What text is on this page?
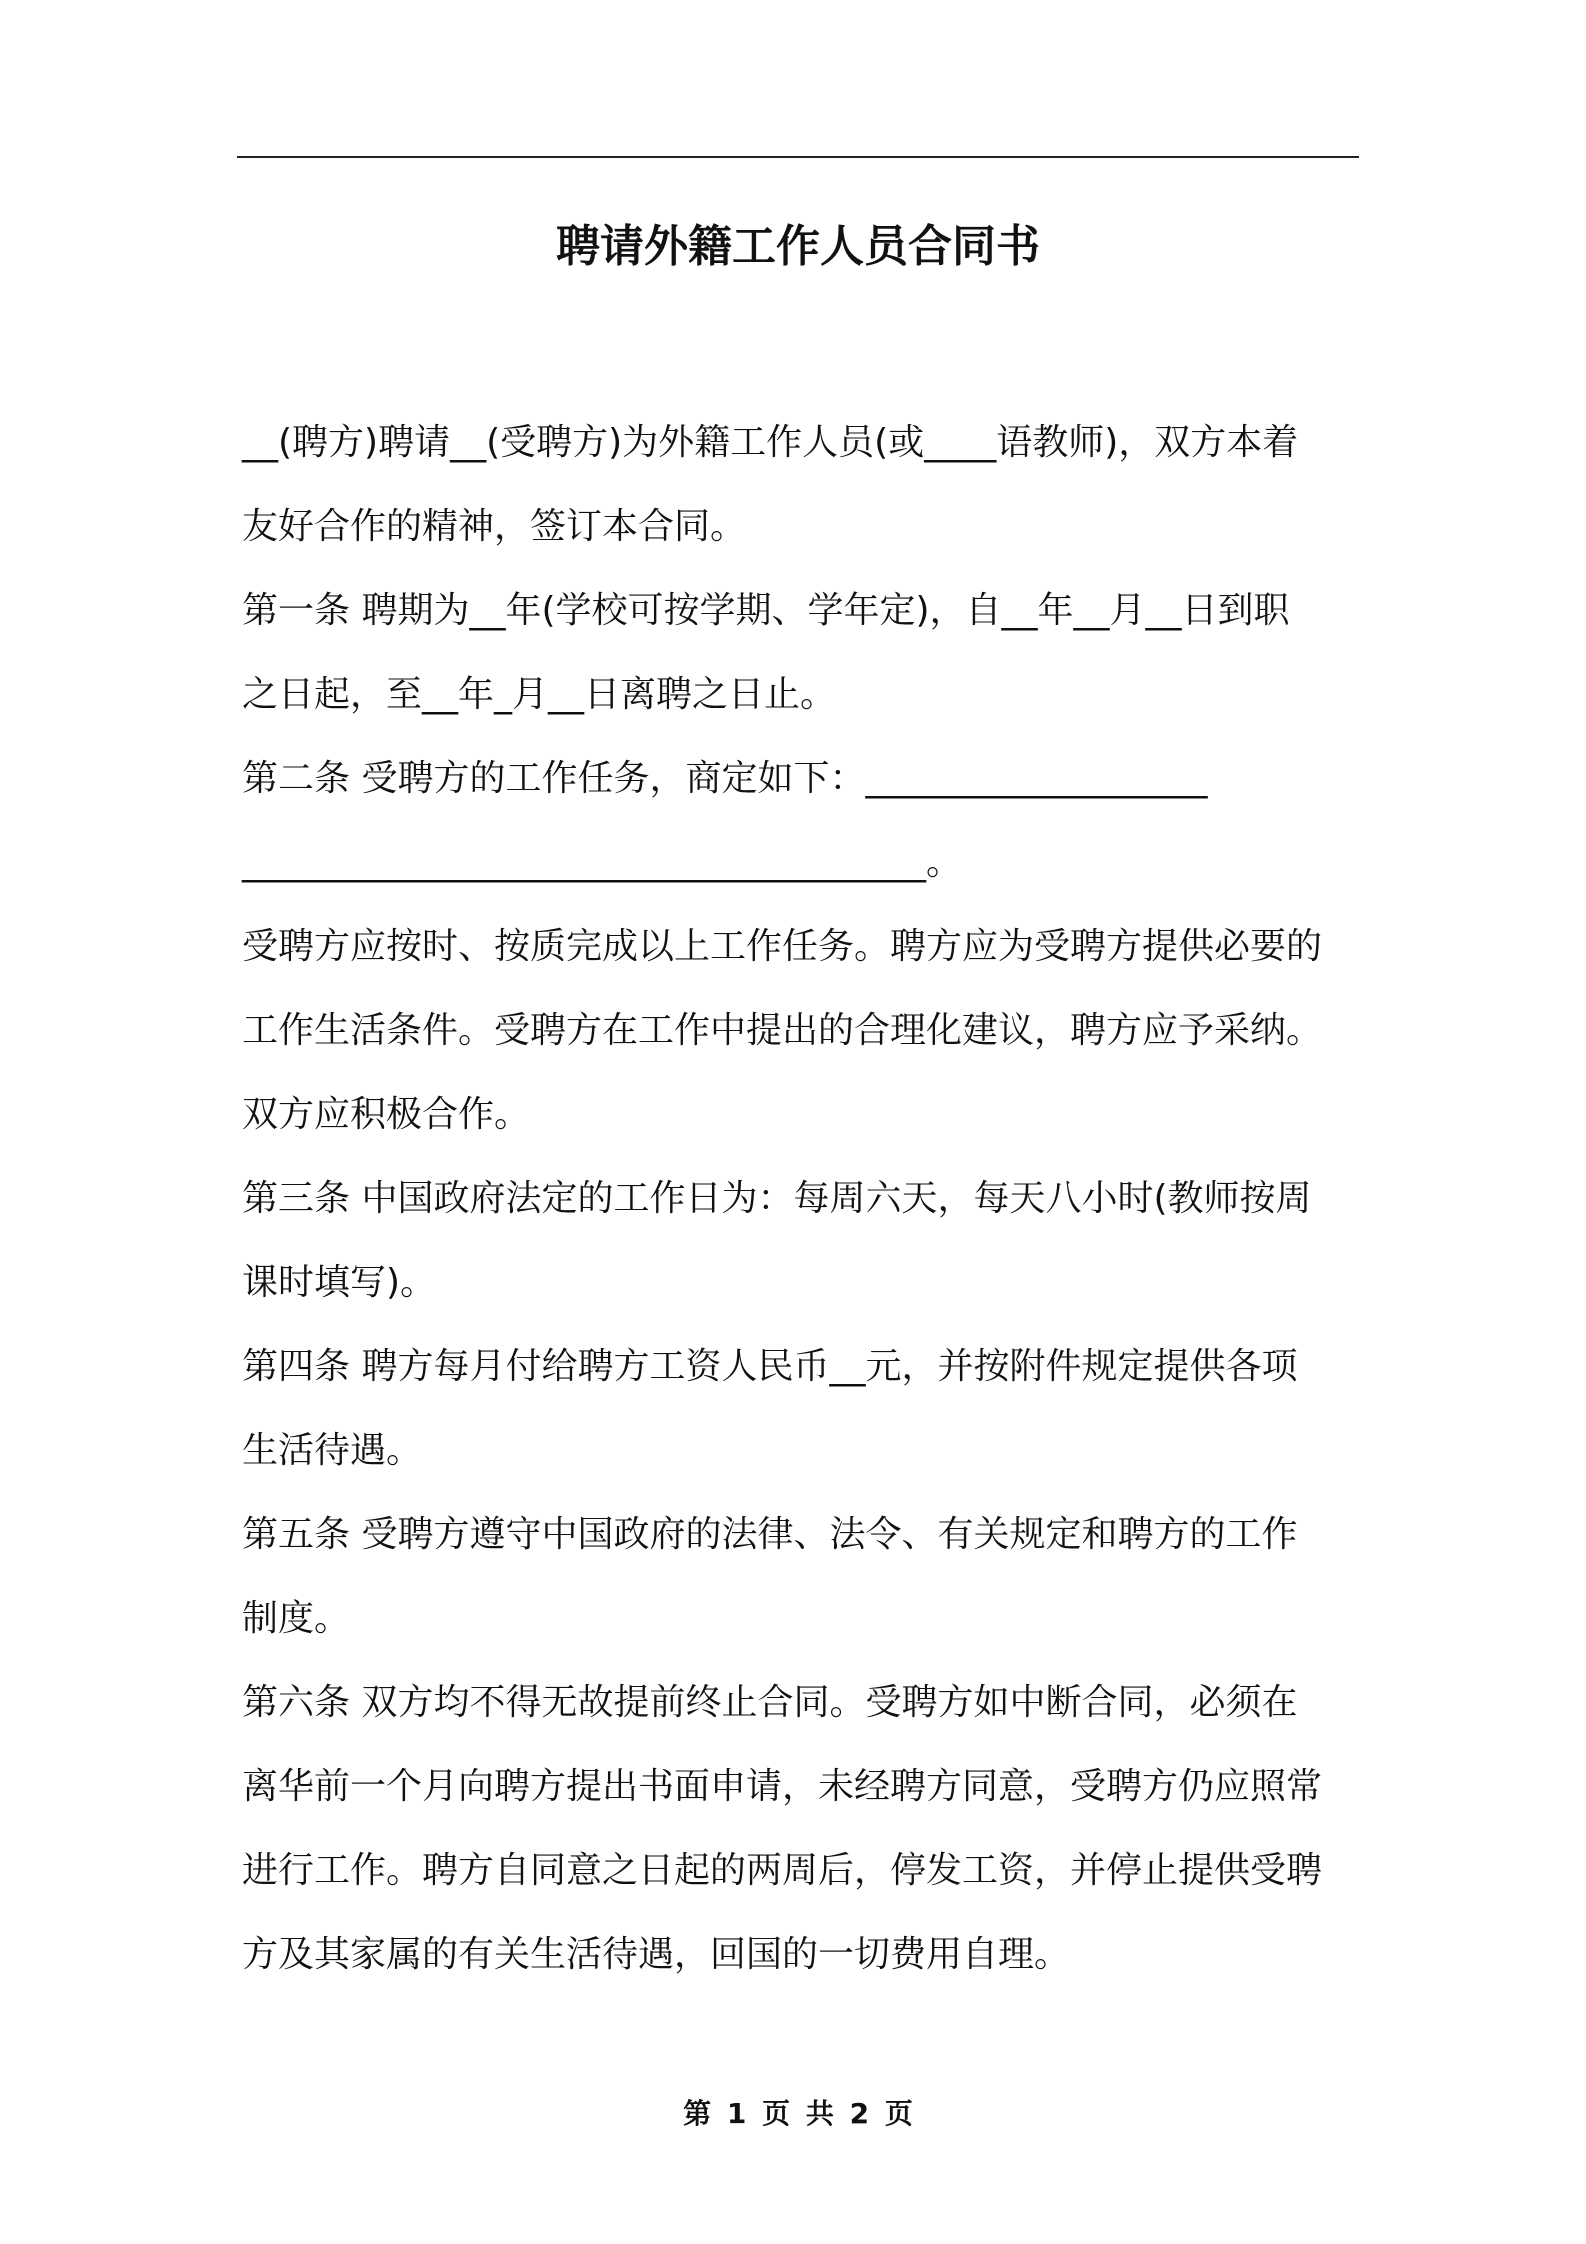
聘请外籍工作人员合同书

__(聘方)聘请__(受聘方)为外籍工作人员(或____语教师)，双方本着

友好合作的精神，签订本合同。

第一条 聘期为__年(学校可按学期、学年定)，自__年__月__日到职

之日起，至__年_月__日离聘之日止。

第二条 受聘方的工作任务，商定如下：___________________

______________________________________。

受聘方应按时、按质完成以上工作任务。聘方应为受聘方提供必要的

工作生活条件。受聘方在工作中提出的合理化建议，聘方应予采纳。

双方应积极合作。

第三条 中国政府法定的工作日为：每周六天，每天八小时(教师按周

课时填写)。

第四条 聘方每月付给聘方工资人民币__元，并按附件规定提供各项

生活待遇。

第五条 受聘方遵守中国政府的法律、法令、有关规定和聘方的工作

制度。

第六条 双方均不得无故提前终止合同。受聘方如中断合同，必须在

离华前一个月向聘方提出书面申请，未经聘方同意，受聘方仍应照常

进行工作。聘方自同意之日起的两周后，停发工资，并停止提供受聘

方及其家属的有关生活待遇，回国的一切费用自理。

第 1 页 共 2 页
